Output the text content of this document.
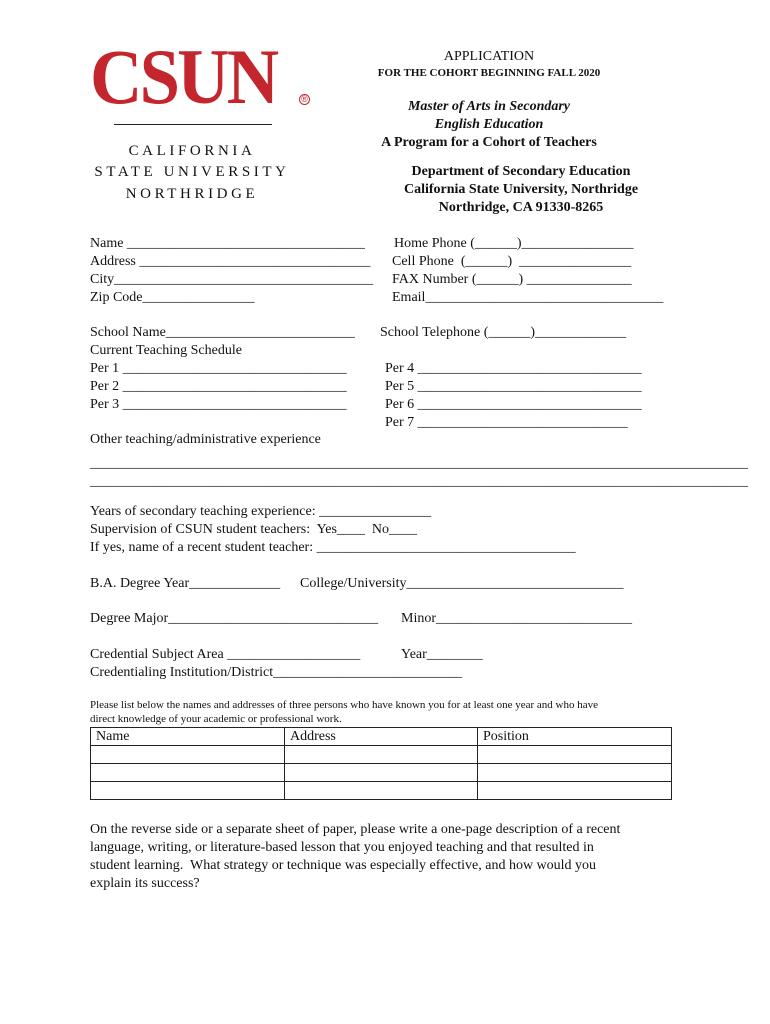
CSUN	®
CALIFORNIA
STATE UNIVERSITY
NORTHRIDGE
APPLICATION
FOR THE COHORT BEGINNING FALL 2020
Master of Arts in Secondary
English Education
A Program for a Cohort of Teachers
Department of Secondary Education
California State University, Northridge
Northridge, CA 91330-8265
Name __________________________________
Address _________________________________
City_____________________________________
Zip Code________________
Home Phone (______)________________
Cell Phone  (______)  ________________
FAX Number (______) _______________
Email__________________________________
School Name___________________________ School Telephone (______)_____________
Current Teaching Schedule
Per 1 ________________________________
Per 2 ________________________________
Per 3 ________________________________
Per 4 ________________________________
Per 5 ________________________________
Per 6 ________________________________
Per 7 ______________________________
Other teaching/administrative experience
______________________________________________________________________________________________
______________________________________________________________________________________________
Years of secondary teaching experience: ________________
Supervision of CSUN student teachers:  Yes____  No____
If yes, name of a recent student teacher: _____________________________________
B.A. Degree Year_____________ College/University_______________________________
Degree Major______________________________ Minor____________________________
Credential Subject Area ___________________	Year________
Credentialing Institution/District___________________________
Please list below the names and addresses of three persons who have known you for at least one year and who have
direct knowledge of your academic or professional work.
Name	Address	Position

On the reverse side or a separate sheet of paper, please write a one-page description of a recent
language, writing, or literature-based lesson that you enjoyed teaching and that resulted in
student learning.  What strategy or technique was especially effective, and how would you
explain its success?
